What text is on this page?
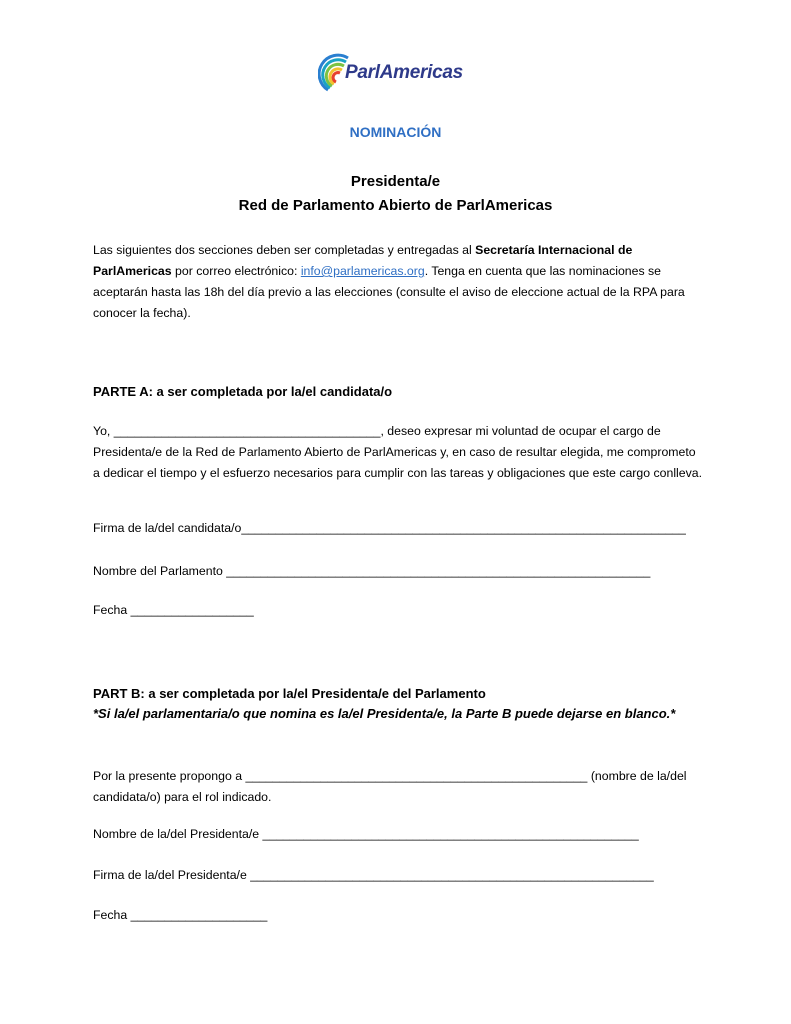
ParlAmericas
NOMINACIÓN
Presidenta/e
Red de Parlamento Abierto de ParlAmericas
Las siguientes dos secciones deben ser completadas y entregadas al Secretaría Internacional de
ParlAmericas por correo electrónico: info@parlamericas.org. Tenga en cuenta que las nominaciones se aceptarán hasta las 18h del día previo a las elecciones (consulte el aviso de eleccione actual de la RPA para conocer la fecha).
PARTE A: a ser completada por la/el candidata/o
Yo, _______________________________________, deseo expresar mi voluntad de ocupar el cargo de Presidenta/e de la Red de Parlamento Abierto de ParlAmericas y, en caso de resultar elegida, me comprometo a dedicar el tiempo y el esfuerzo necesarios para cumplir con las tareas y obligaciones que este cargo conlleva.
Firma de la/del candidata/o_________________________________________________________________
Nombre del Parlamento ______________________________________________________________
Fecha __________________
PART B: a ser completada por la/el Presidenta/e del Parlamento
*Si la/el parlamentaria/o que nomina es la/el Presidenta/e, la Parte B puede dejarse en blanco.*
Por la presente propongo a __________________________________________________ (nombre de la/del candidata/o) para el rol indicado.
Nombre de la/del Presidenta/e _______________________________________________________
Firma de la/del Presidenta/e ___________________________________________________________
Fecha ____________________
